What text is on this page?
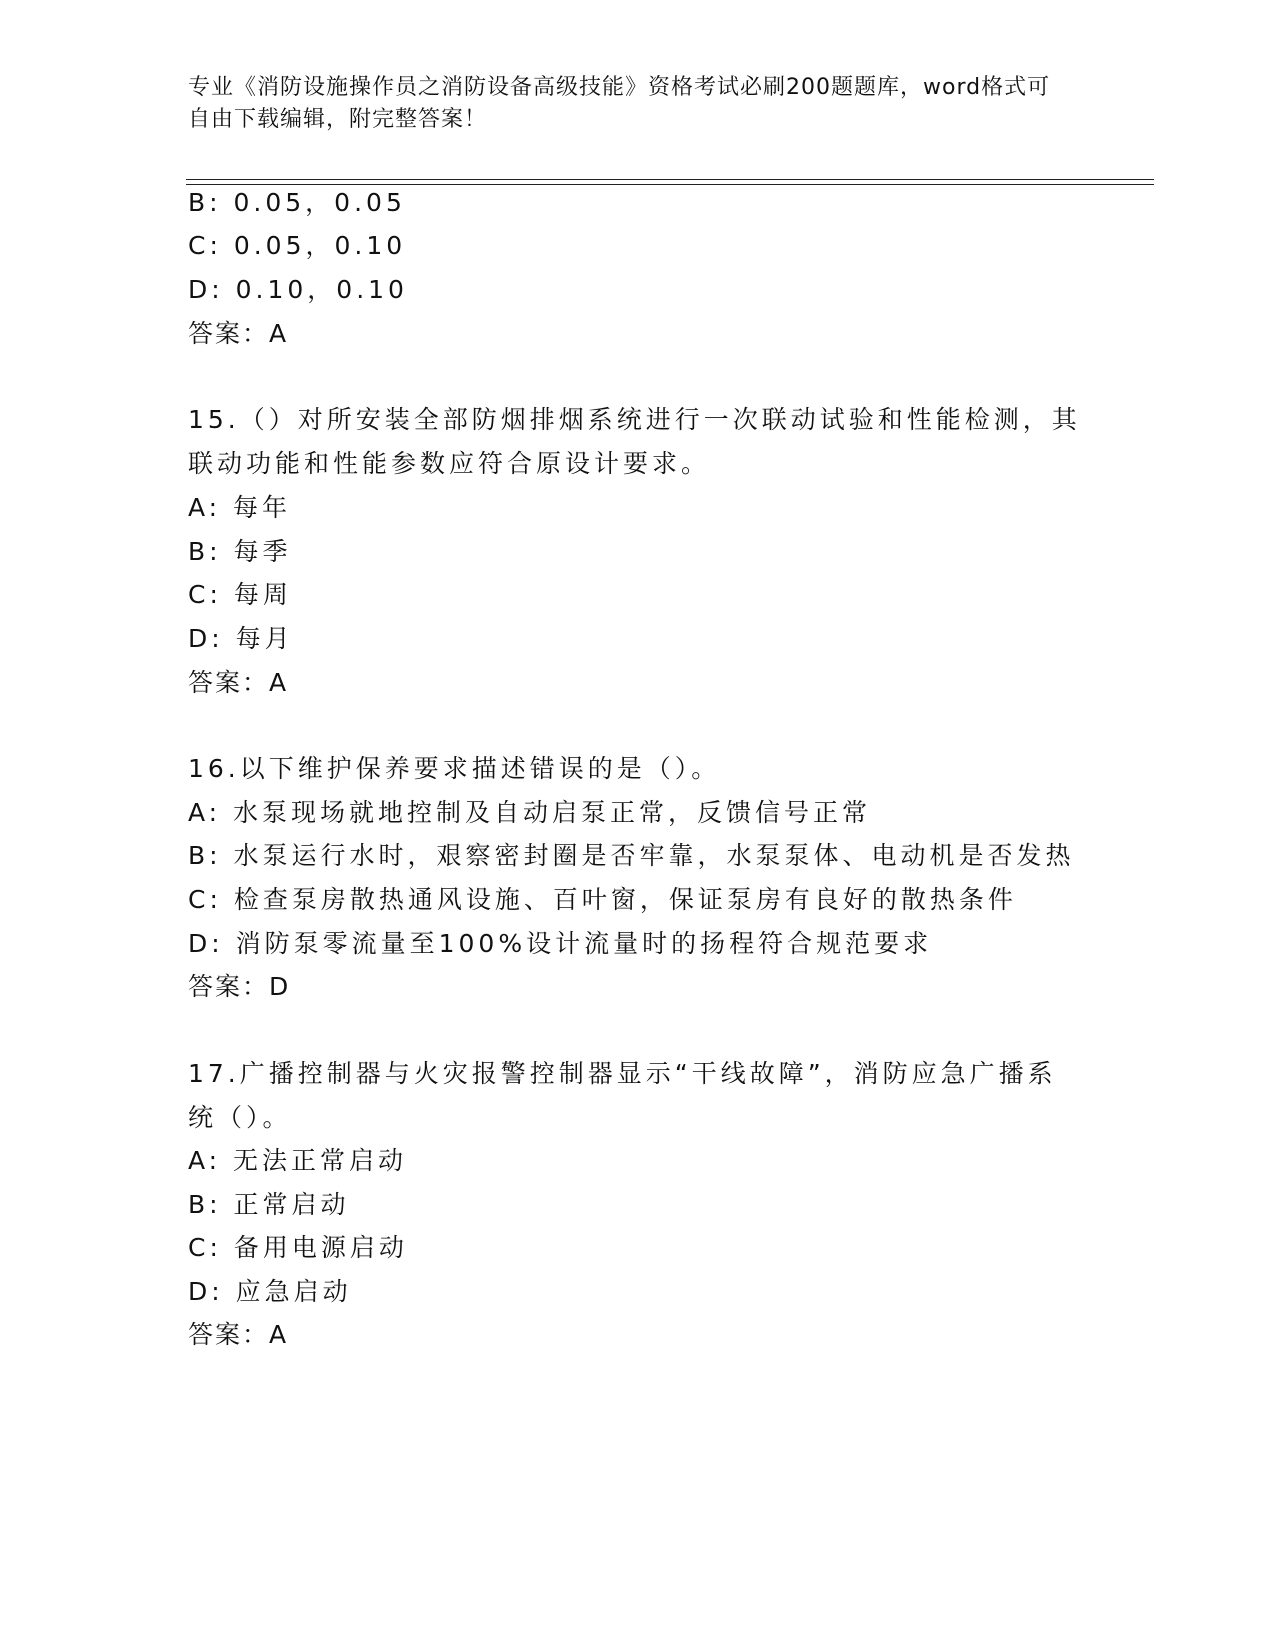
专业《消防设施操作员之消防设备高级技能》资格考试必刷200题题库，word格式可自由下载编辑，附完整答案！
B: 0.05，0.05
C: 0.05，0.10
D: 0.10，0.10
答案：A
15.（）对所安装全部防烟排烟系统进行一次联动试验和性能检测，其
联动功能和性能参数应符合原设计要求。
A: 每年
B: 每季
C: 每周
D: 每月
答案：A
16.以下维护保养要求描述错误的是（）。
A: 水泵现场就地控制及自动启泵正常，反馈信号正常
B: 水泵运行水时，艰察密封圈是否牢靠，水泵泵体、电动机是否发热
C: 检查泵房散热通风设施、百叶窗，保证泵房有良好的散热条件
D: 消防泵零流量至100%设计流量时的扬程符合规范要求
答案：D
17.广播控制器与火灾报警控制器显示“干线故障”，消防应急广播系
统（）。
A: 无法正常启动
B: 正常启动
C: 备用电源启动
D: 应急启动
答案：A
